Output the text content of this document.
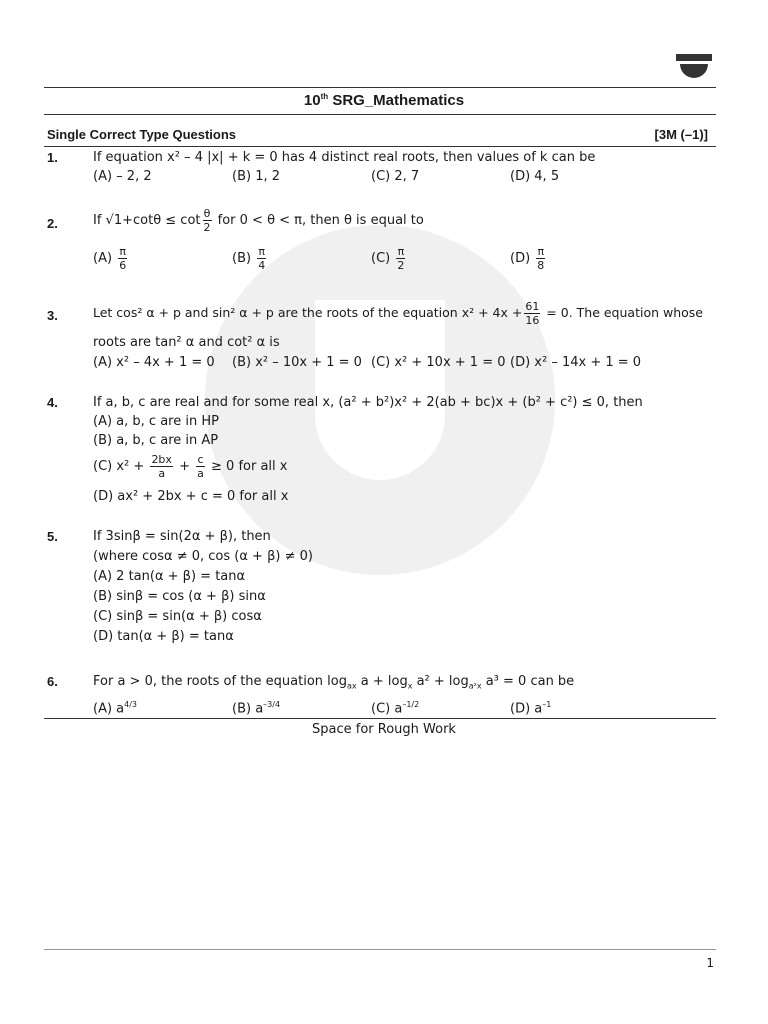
10th SRG_Mathematics
Single Correct Type Questions	[3M (–1)]
1.	If equation x² – 4 |x| + k = 0 has 4 distinct real roots, then values of k can be
(A) – 2, 2	(B) 1, 2	(C) 2, 7	(D) 4, 5
2.	If $√1+\cot\theta \le \cot \frac{\theta}{2}$ for 0 < θ < π, then θ is equal to
$(A) \frac{\pi}{6}$	$(B) \frac{\pi}{4}$	$(C) \frac{\pi}{2}$	$(D) \frac{\pi}{8}$
3.	Let cos² α + p and sin² α + p are the roots of the equation $x^2 + 4x + \frac{61}{16} = 0$. The equation whose
roots are tan² α and cot² α is
(A) x² – 4x + 1 = 0 (B) x² – 10x + 1 = 0 (C) x² + 10x + 1 = 0 (D) x² – 14x + 1 = 0
4.	If a, b, c are real and for some real x, (a² + b²)x² + 2(ab + bc)x + (b² + c²) ≤ 0, then
(A) a, b, c are in HP
(B) a, b, c are in AP
(C) $x^2 + \frac{2bx}{a} + \frac{c}{a} \ge 0$ for all x
(D) ax² + 2bx + c = 0 for all x
5.	If 3sinβ = sin(2α + β), then
(where cosα ≠ 0, cos (α + β) ≠ 0)
(A) 2 tan(α + β) = tanα
(B) sinβ = cos (α + β) sinα
(C) sinβ = sin(α + β) cosα
(D) tan(α + β) = tanα
6.	For a > 0, the roots of the equation $\log_{ax} a + \log_x a^2 + \log_{a^2x} a^3 = 0$ can be
(A) $a^{4/3}$	(B) $a^{-3/4}$	(C) $a^{-1/2}$	(D) $a^{-1}$
Space for Rough Work
1
